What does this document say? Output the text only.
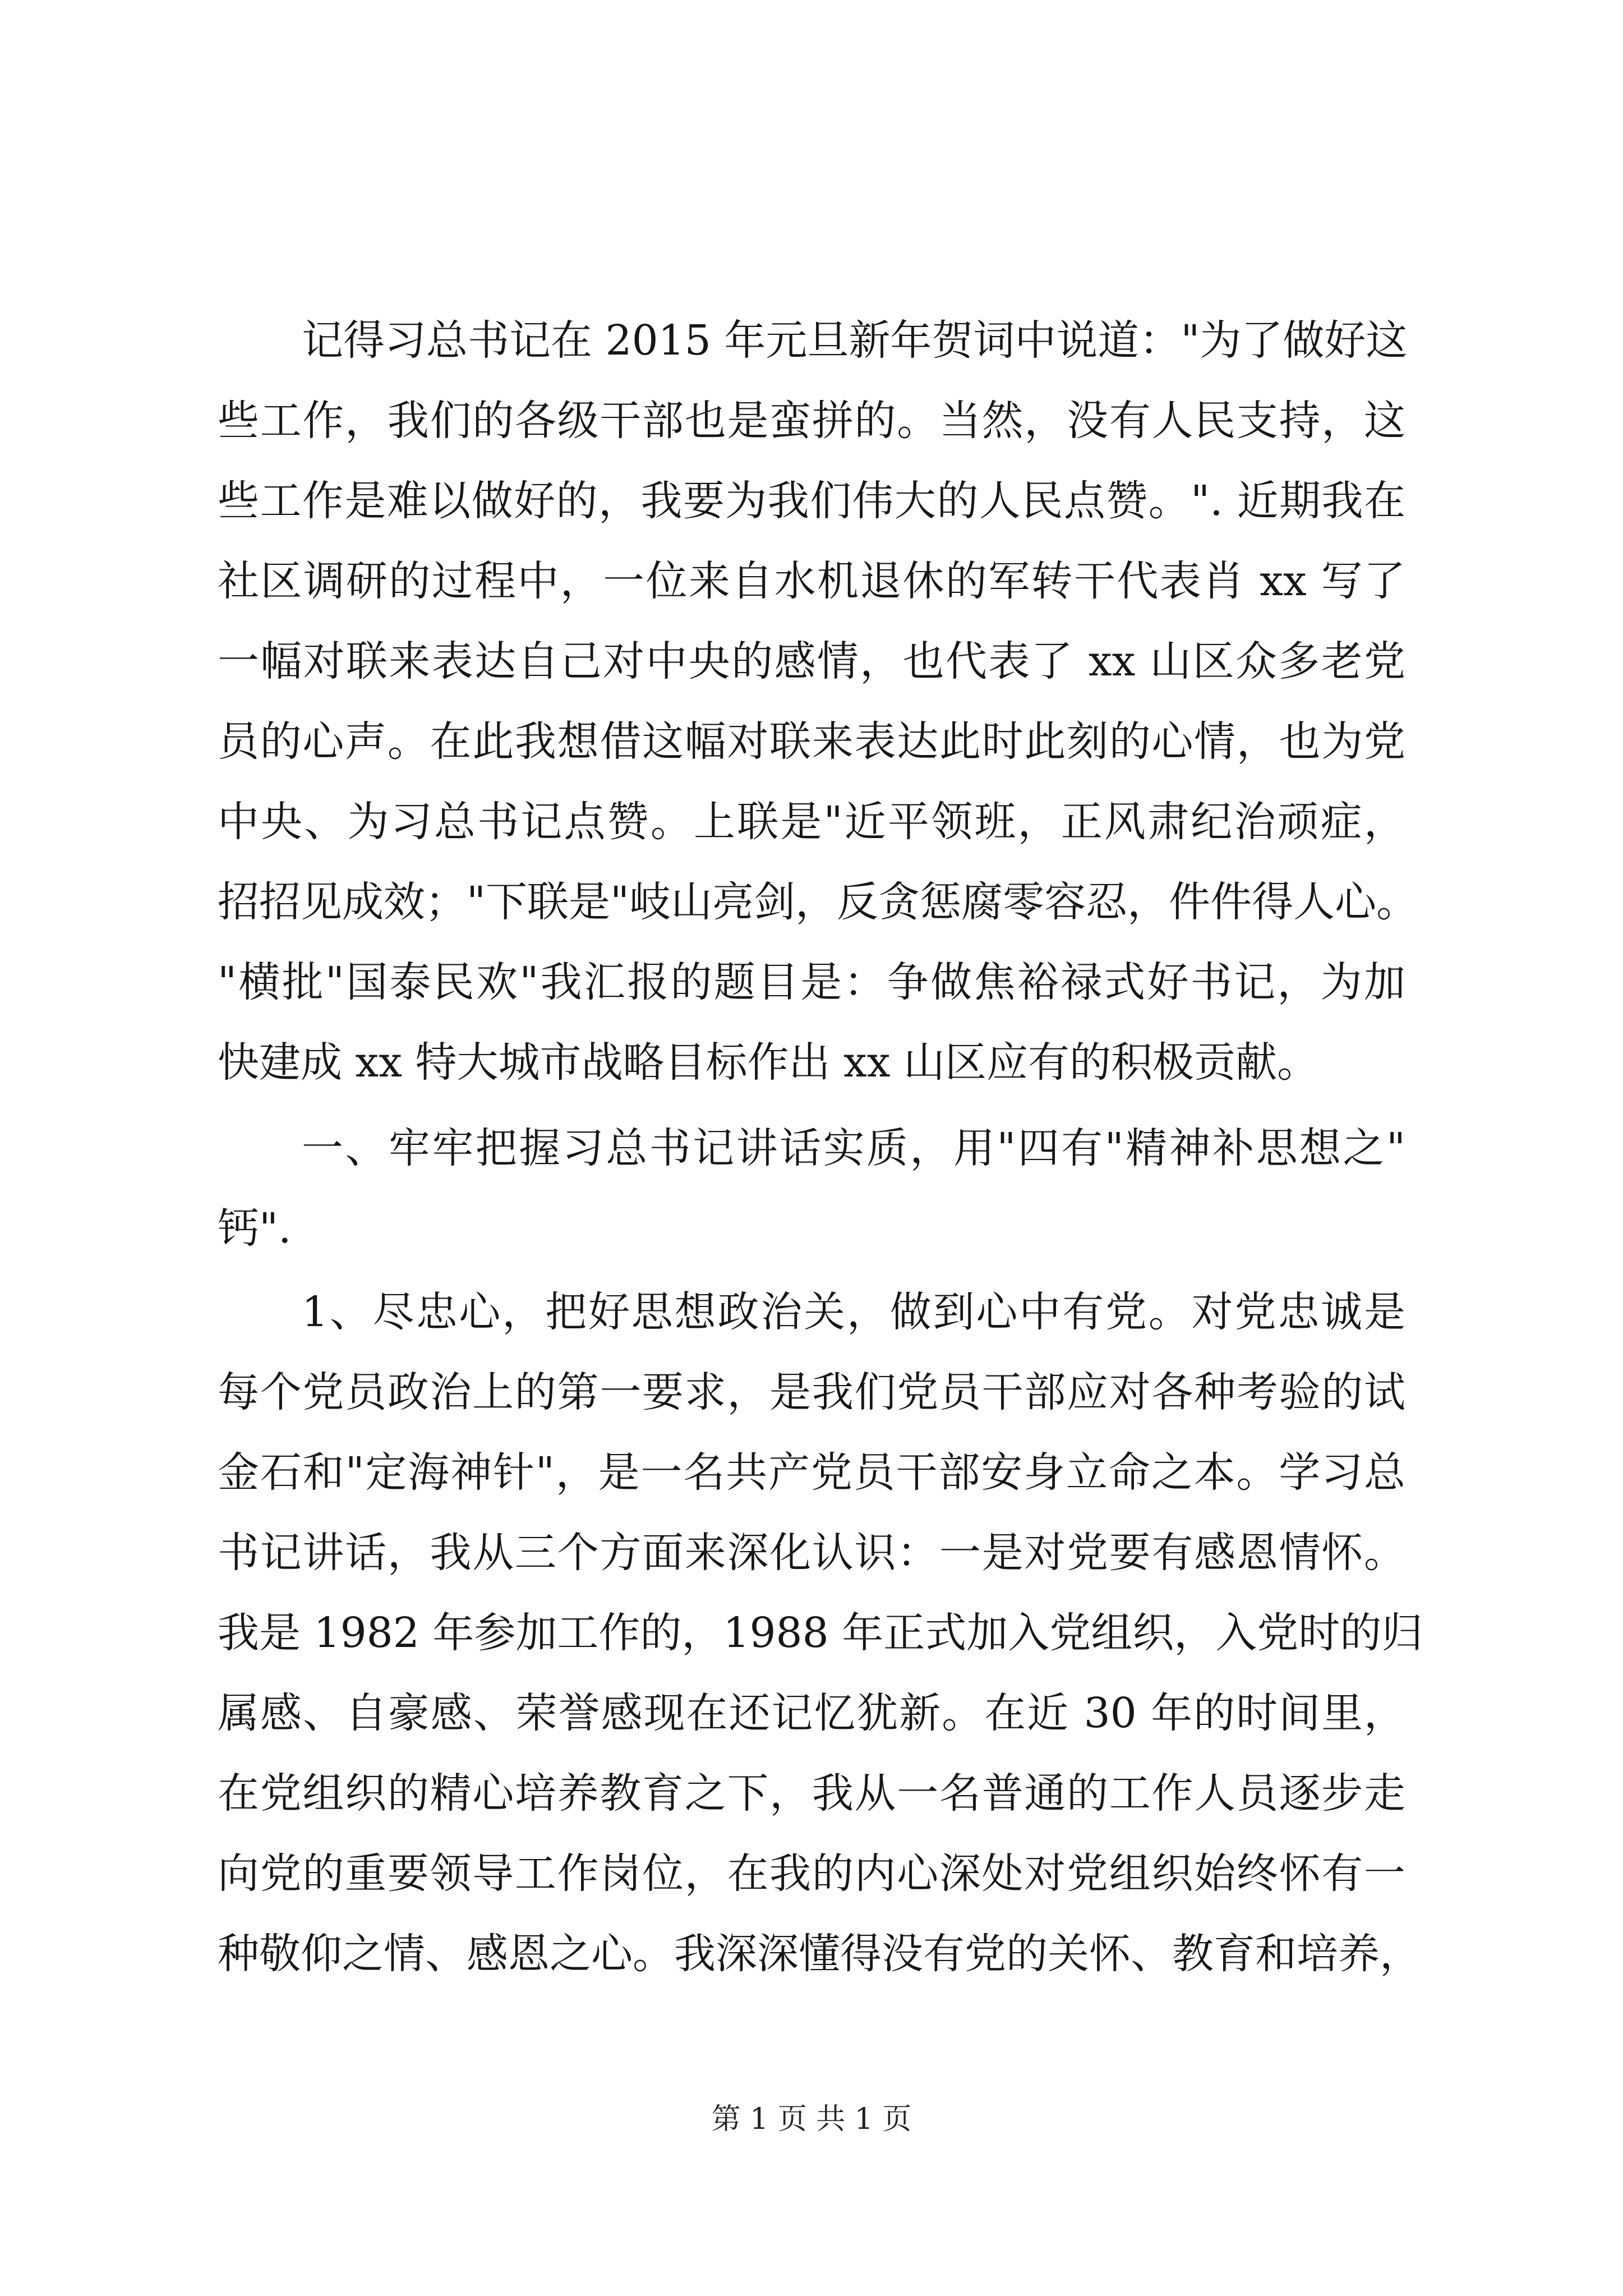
记得习总书记在 2015 年元旦新年贺词中说道："为了做好这
些工作，我们的各级干部也是蛮拼的。当然，没有人民支持，这
些工作是难以做好的，我要为我们伟大的人民点赞。". 近期我在
社区调研的过程中，一位来自水机退休的军转干代表肖 xx 写了
一幅对联来表达自己对中央的感情，也代表了 xx 山区众多老党
员的心声。在此我想借这幅对联来表达此时此刻的心情，也为党
中央、为习总书记点赞。上联是"近平领班，正风肃纪治顽症，
招招见成效；"下联是"岐山亮剑，反贪惩腐零容忍，件件得人心。
"横批"国泰民欢"我汇报的题目是：争做焦裕禄式好书记，为加
快建成 xx 特大城市战略目标作出 xx 山区应有的积极贡献。
一、牢牢把握习总书记讲话实质，用"四有"精神补思想之"
钙".
1、尽忠心，把好思想政治关，做到心中有党。对党忠诚是
每个党员政治上的第一要求，是我们党员干部应对各种考验的试
金石和"定海神针"，是一名共产党员干部安身立命之本。学习总
书记讲话，我从三个方面来深化认识：一是对党要有感恩情怀。
我是 1982 年参加工作的，1988 年正式加入党组织，入党时的归
属感、自豪感、荣誉感现在还记忆犹新。在近 30 年的时间里，
在党组织的精心培养教育之下，我从一名普通的工作人员逐步走
向党的重要领导工作岗位，在我的内心深处对党组织始终怀有一
种敬仰之情、感恩之心。我深深懂得没有党的关怀、教育和培养，
第 1 页 共 1 页
